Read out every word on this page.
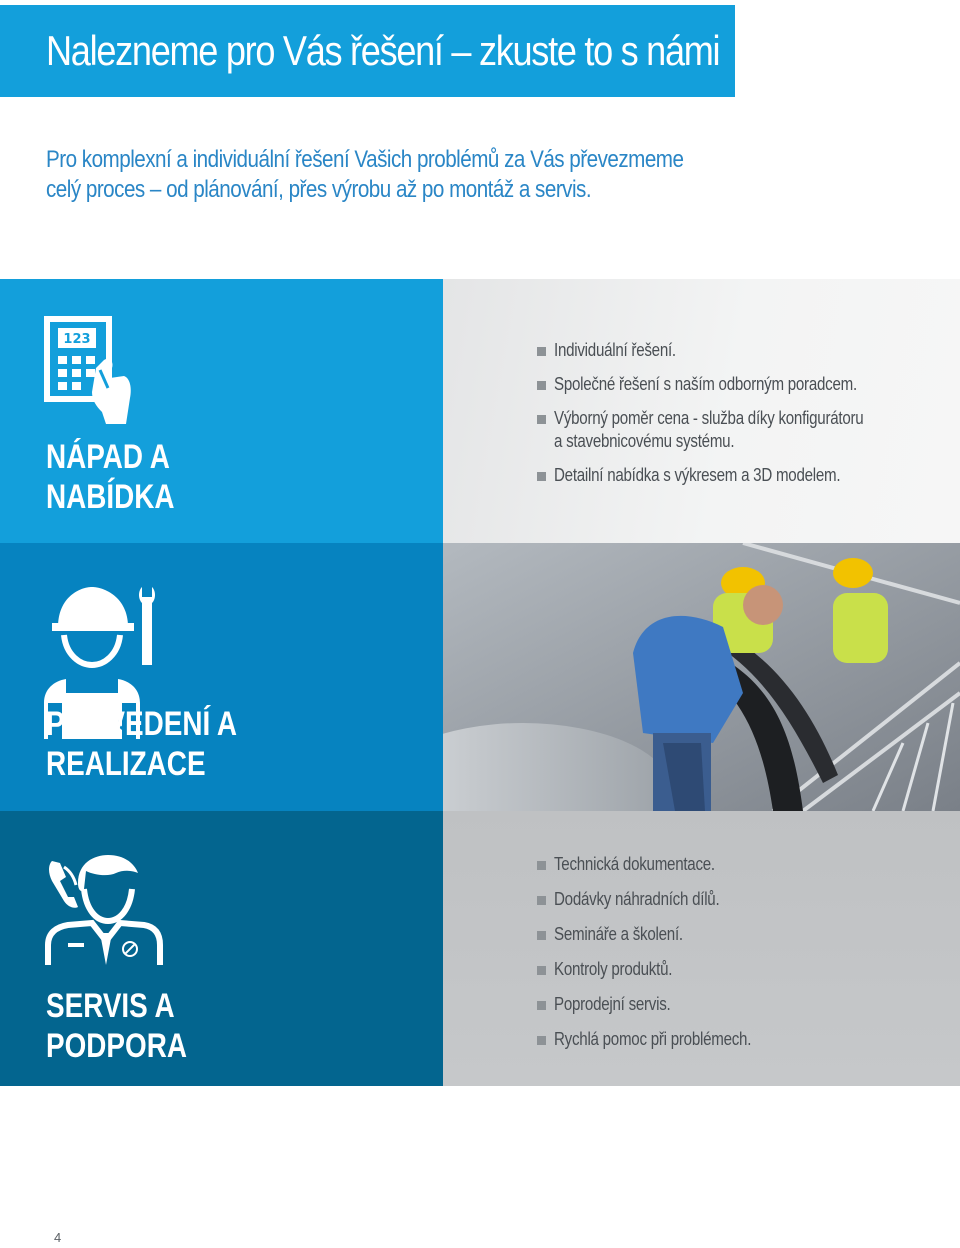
Nalezneme pro Vás řešení – zkuste to s námi
Pro komplexní a individuální řešení Vašich problémů za Vás převezmeme
celý proces – od plánování, přes výrobu až po montáž a servis.
123
NÁPAD A
NABÍDKA
Individuální řešení.
Společné řešení s naším odborným poradcem.
Výborný poměr cena - služba díky konfigurátoru
a stavebnicovému systému.
Detailní nabídka s výkresem a 3D modelem.
PROVEDENÍ A
REALIZACE
SERVIS A
PODPORA
Technická dokumentace.
Dodávky náhradních dílů.
Semináře a školení.
Kontroly produktů.
Poprodejní servis.
Rychlá pomoc při problémech.
4
